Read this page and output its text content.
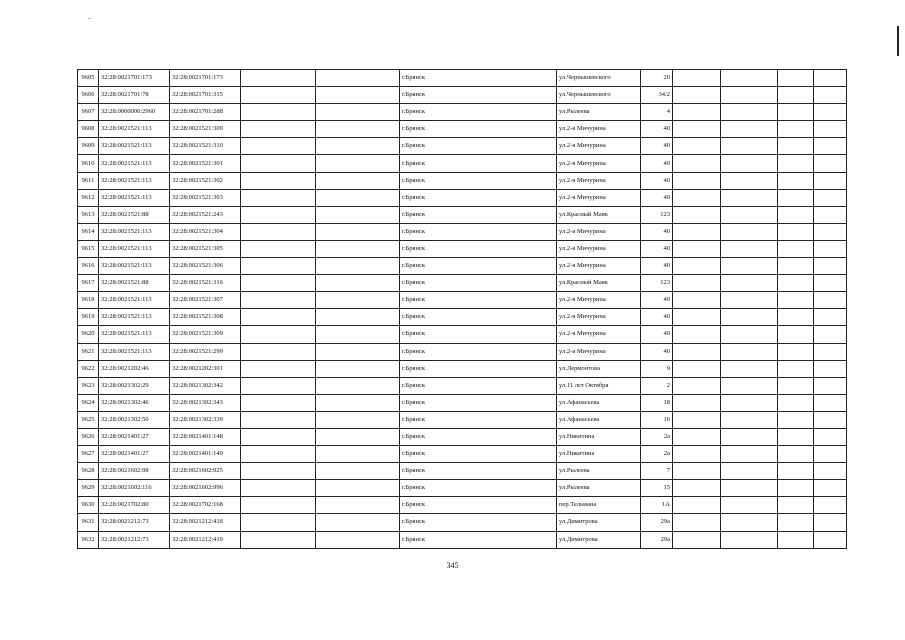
9605	32:28:0021701:173	32:28:0021701:173			г.Брянск	ул.Чернышевского	20				
9606	32:28:0021701:78	32:28:0021701:315			г.Брянск	ул.Чернышевского	34/2				
9607	32:28:0000000:2960	32:28:0021701:288			г.Брянск	ул.Рылеева	4				
9608	32:28:0021521:113	32:28:0021521:300			г.Брянск	ул.2-я Мичурина	40				
9609	32:28:0021521:113	32:28:0021521:310			г.Брянск	ул.2-я Мичурина	40				
9610	32:28:0021521:113	32:28:0021521:301			г.Брянск	ул.2-я Мичурина	40				
9611	32:28:0021521:113	32:28:0021521:302			г.Брянск	ул.2-я Мичурина	40				
9612	32:28:0021521:113	32:28:0021521:303			г.Брянск	ул.2-я Мичурина	40				
9613	32:28:0021521:88	32:28:0021521:243			г.Брянск	ул.Красный Маяк	123				
9614	32:28:0021521:113	32:28:0021521:304			г.Брянск	ул.2-я Мичурина	40				
9615	32:28:0021521:113	32:28:0021521:305			г.Брянск	ул.2-я Мичурина	40				
9616	32:28:0021521:113	32:28:0021521:306			г.Брянск	ул.2-я Мичурина	40				
9617	32:28:0021521:88	32:28:0021521:316			г.Брянск	ул.Красный Маяк	123				
9618	32:28:0021521:113	32:28:0021521:307			г.Брянск	ул.2-я Мичурина	40				
9619	32:28:0021521:113	32:28:0021521:308			г.Брянск	ул.2-я Мичурина	40				
9620	32:28:0021521:113	32:28:0021521:309			г.Брянск	ул.2-я Мичурина	40				
9621	32:28:0021521:113	32:28:0021521:299			г.Брянск	ул.2-я Мичурина	40				
9622	32:28:0021202:46	32:28:0021202:301			г.Брянск	ул.Лермонтова	9				
9623	32:28:0021302:29	32:28:0021302:342			г.Брянск	ул.11 лет Октября	2				
9624	32:28:0021302:46	32:28:0021302:343			г.Брянск	ул.Афанасьева	18				
9625	32:28:0021302:50	32:28:0021302:339			г.Брянск	ул.Афанасьева	16				
9626	32:28:0021401:27	32:28:0021401:148			г.Брянск	ул.Никитина	2а				
9627	32:28:0021401:27	32:28:0021401:149			г.Брянск	ул.Никитина	2а				
9628	32:28:0021602:98	32:28:0021602:925			г.Брянск	ул.Рылеева	7				
9629	32:28:0021602:116	32:28:0021602:996			г.Брянск	ул.Рылеева	15				
9630	32:28:0021702:80	32:28:0021702:168			г.Брянск	пер.Тельмана	1А				
9631	32:28:0021212:73	32:28:0021212:418			г.Брянск	ул.Димитрова	29а				
9632	32:28:0021212:73	32:28:0021212:419			г.Брянск	ул.Димитрова	29а				
345
